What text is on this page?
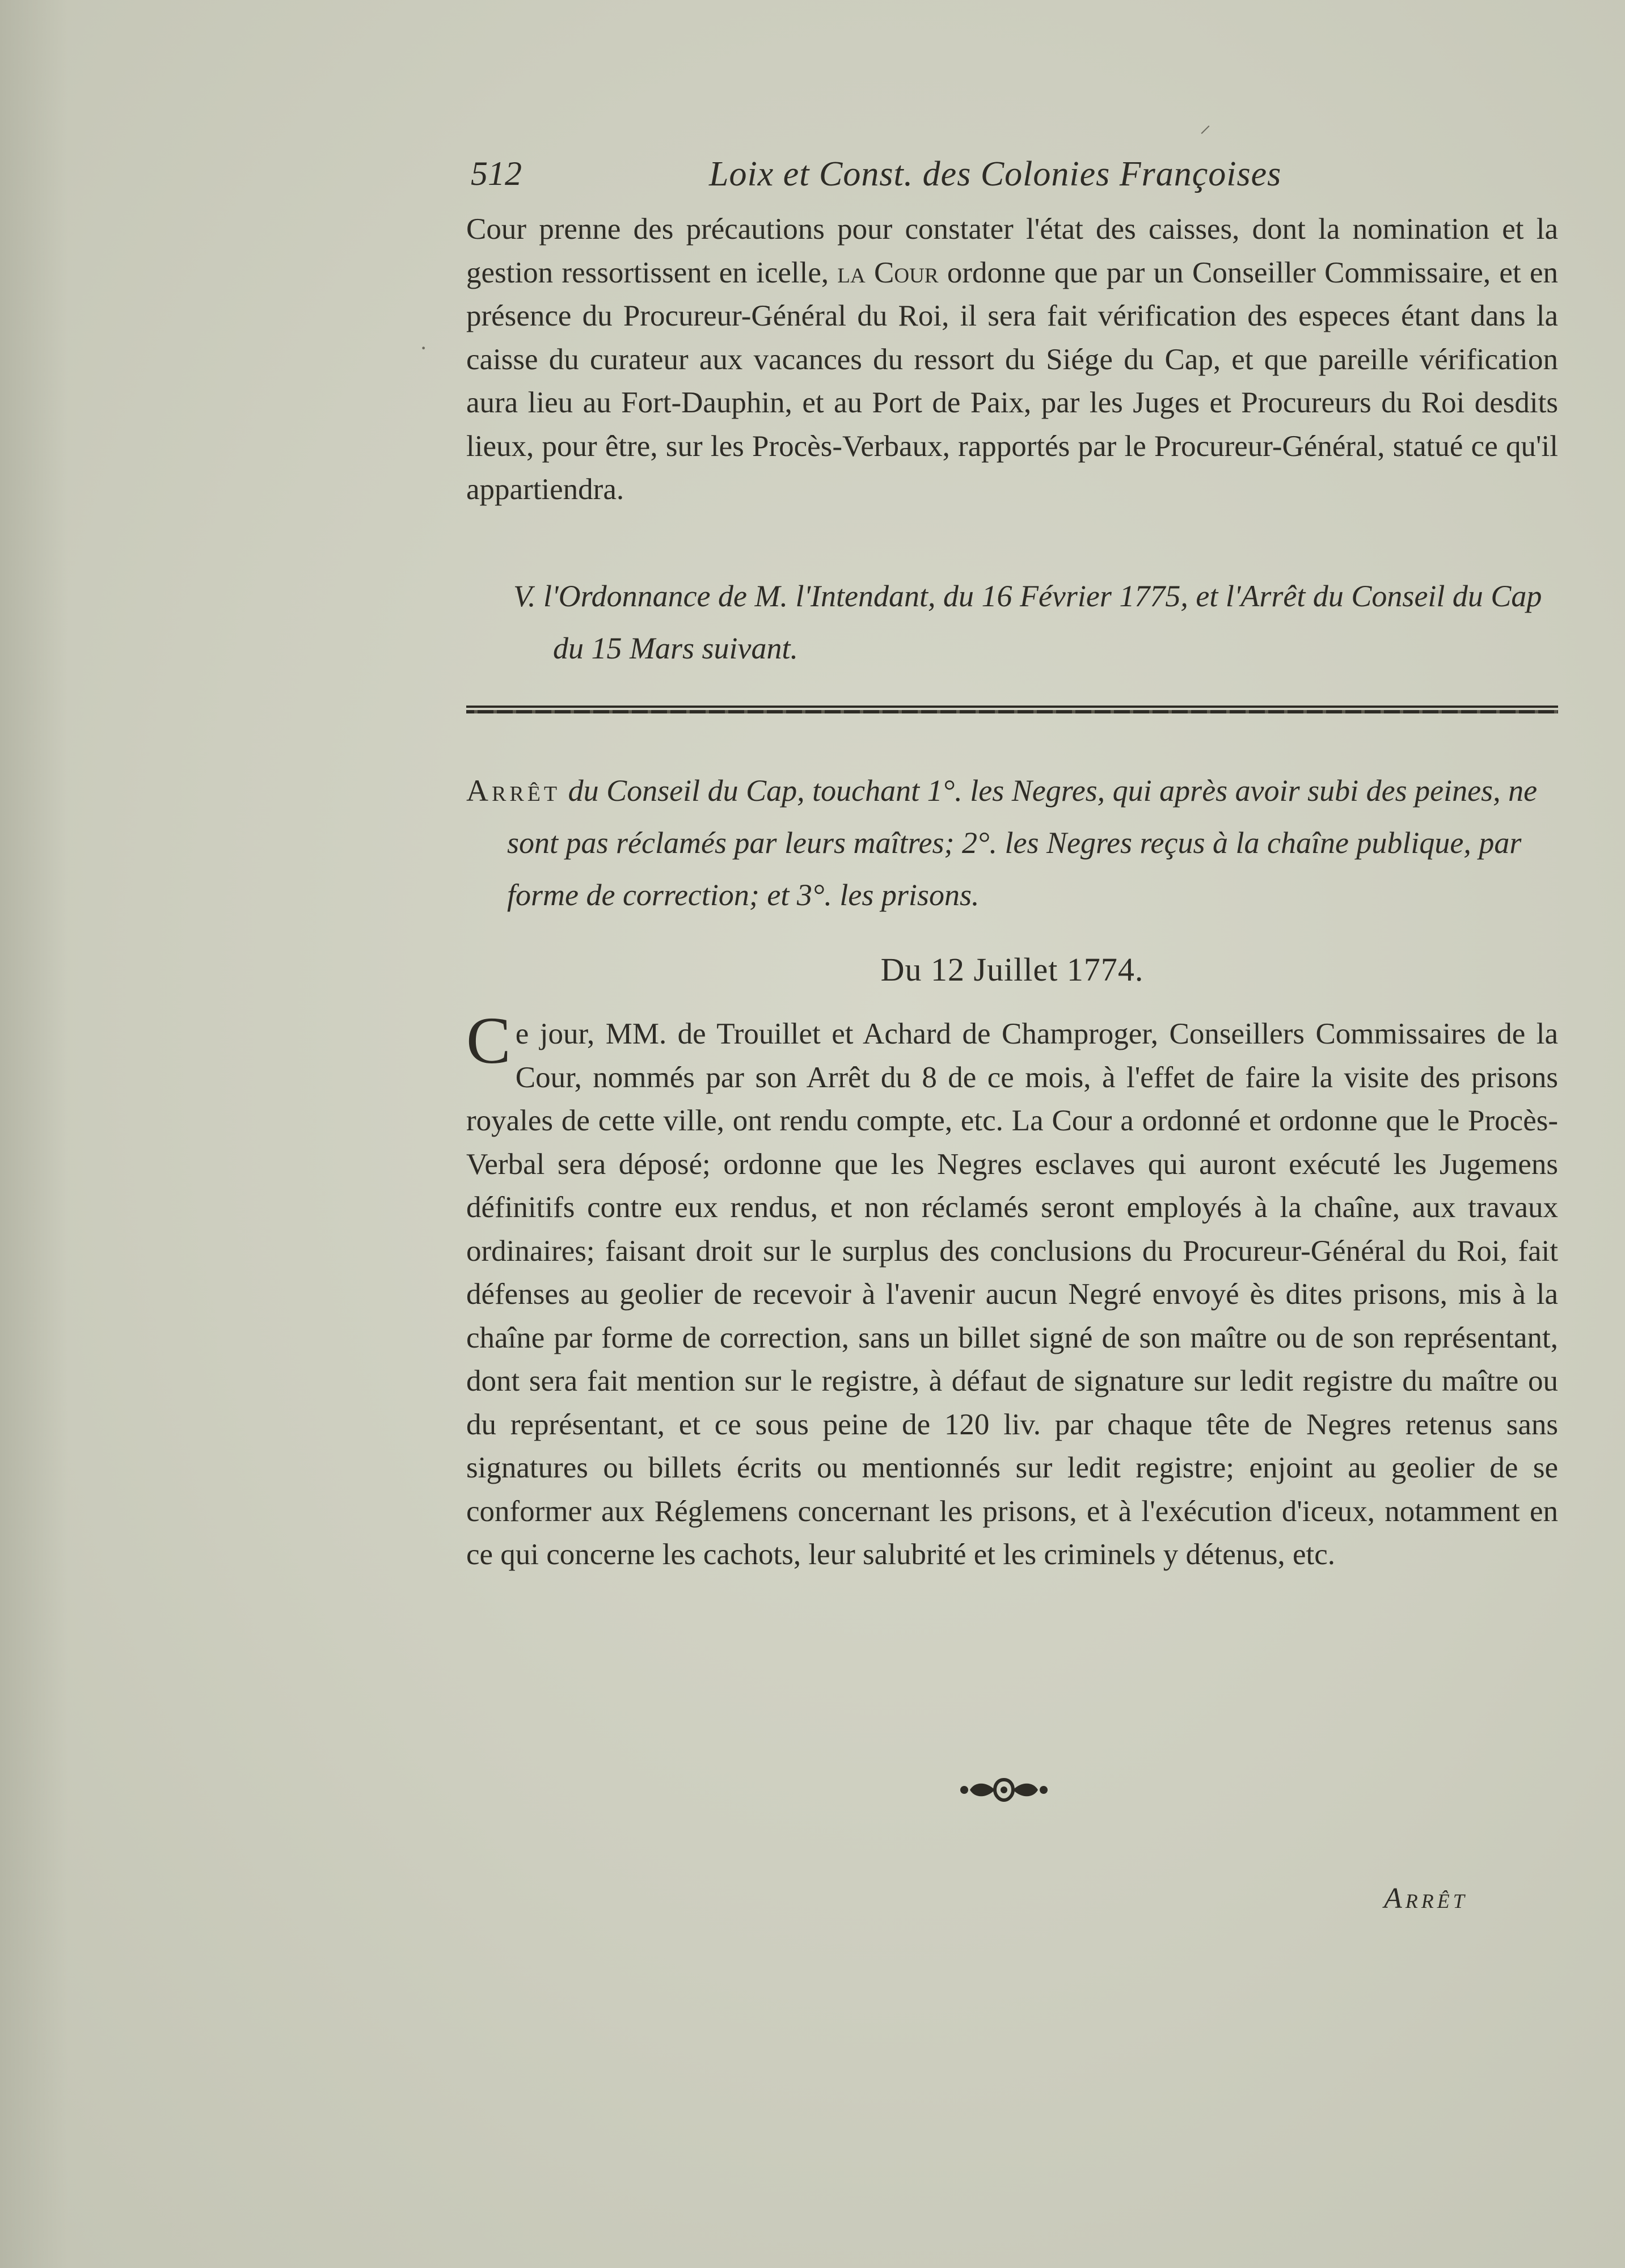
512	Loix et Const. des Colonies Françoises

Cour prenne des précautions pour constater l'état des caisses, dont la nomination et la gestion ressortissent en icelle, la Cour ordonne que par un Conseiller Commissaire, et en présence du Procureur-Général du Roi, il sera fait vérification des especes étant dans la caisse du curateur aux vacances du ressort du Siége du Cap, et que pareille vérification aura lieu au Fort-Dauphin, et au Port de Paix, par les Juges et Procureurs du Roi desdits lieux, pour être, sur les Procès-Verbaux, rapportés par le Procureur-Général, statué ce qu'il appartiendra.

V. l'Ordonnance de M. l'Intendant, du 16 Février 1775, et l'Arrêt du Conseil du Cap du 15 Mars suivant.

Arrêt du Conseil du Cap, touchant 1°. les Negres, qui après avoir subi des peines, ne sont pas réclamés par leurs maîtres; 2°. les Negres reçus à la chaîne publique, par forme de correction; et 3°. les prisons.

Du 12 Juillet 1774.

Ce jour, MM. de Trouillet et Achard de Champroger, Conseillers Commissaires de la Cour, nommés par son Arrêt du 8 de ce mois, à l'effet de faire la visite des prisons royales de cette ville, ont rendu compte, etc. La Cour a ordonné et ordonne que le Procès-Verbal sera déposé; ordonne que les Negres esclaves qui auront exécuté les Jugemens définitifs contre eux rendus, et non réclamés seront employés à la chaîne, aux travaux ordinaires; faisant droit sur le surplus des conclusions du Procureur-Général du Roi, fait défenses au geolier de recevoir à l'avenir aucun Negré envoyé ès dites prisons, mis à la chaîne par forme de correction, sans un billet signé de son maître ou de son représentant, dont sera fait mention sur le registre, à défaut de signature sur ledit registre du maître ou du représentant, et ce sous peine de 120 liv. par chaque tête de Negres retenus sans signatures ou billets écrits ou mentionnés sur ledit registre; enjoint au geolier de se conformer aux Réglemens concernant les prisons, et à l'exécution d'iceux, notamment en ce qui concerne les cachots, leur salubrité et les criminels y détenus, etc.

Arrêt
⸝
·
